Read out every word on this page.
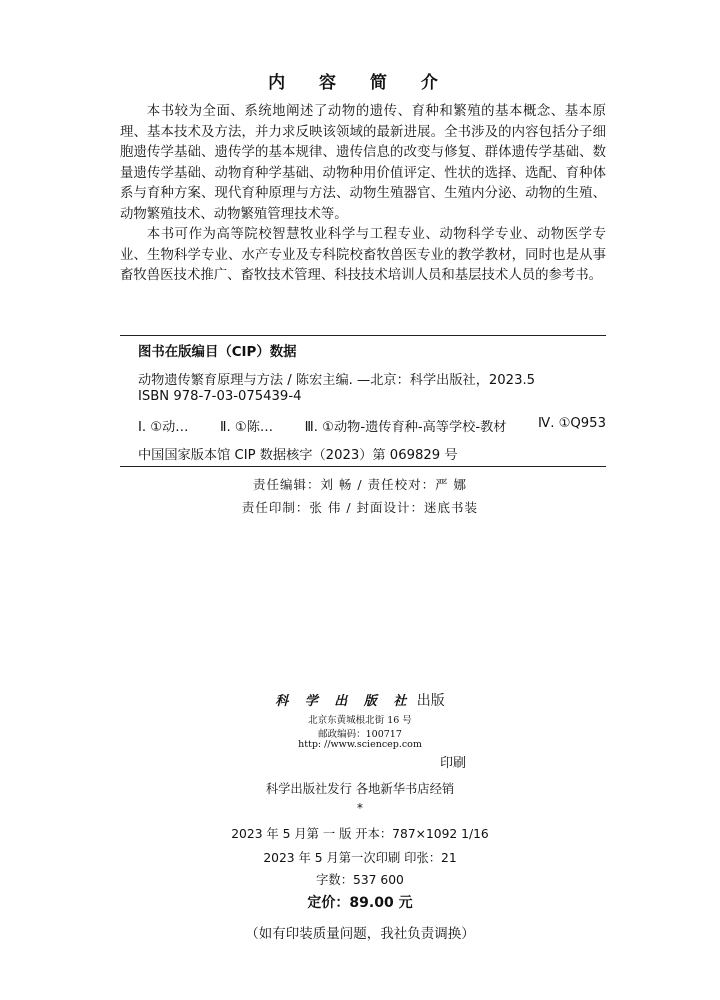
内 容 简 介

本书较为全面、系统地阐述了动物的遗传、育种和繁殖的基本概念、基本原理、基本技术及方法，并力求反映该领域的最新进展。全书涉及的内容包括分子细胞遗传学基础、遗传学的基本规律、遗传信息的改变与修复、群体遗传学基础、数量遗传学基础、动物育种学基础、动物种用价值评定、性状的选择、选配、育种体系与育种方案、现代育种原理与方法、动物生殖器官、生殖内分泌、动物的生殖、动物繁殖技术、动物繁殖管理技术等。

本书可作为高等院校智慧牧业科学与工程专业、动物科学专业、动物医学专业、生物科学专业、水产专业及专科院校畜牧兽医专业的教学教材，同时也是从事畜牧兽医技术推广、畜牧技术管理、科技技术培训人员和基层技术人员的参考书。

图书在版编目（CIP）数据
动物遗传繁育原理与方法 / 陈宏主编. —北京：科学出版社，2023.5
ISBN 978-7-03-075439-4
Ⅰ. ①动… Ⅱ. ①陈… Ⅲ. ①动物-遗传育种-高等学校-教材 Ⅳ. ①Q953
中国国家版本馆 CIP 数据核字（2023）第 069829 号
责任编辑：刘 畅 / 责任校对：严 娜
责任印制：张 伟 / 封面设计：迷底书装
科 学 出 版 社 出版
北京东黄城根北街 16 号
邮政编码：100717
http: //www.sciencep.com
印刷
科学出版社发行 各地新华书店经销
*
2023 年 5 月第 一 版 开本：787×1092 1/16
2023 年 5 月第一次印刷 印张：21
字数：537 600
定价：89.00 元
（如有印装质量问题，我社负责调换）
